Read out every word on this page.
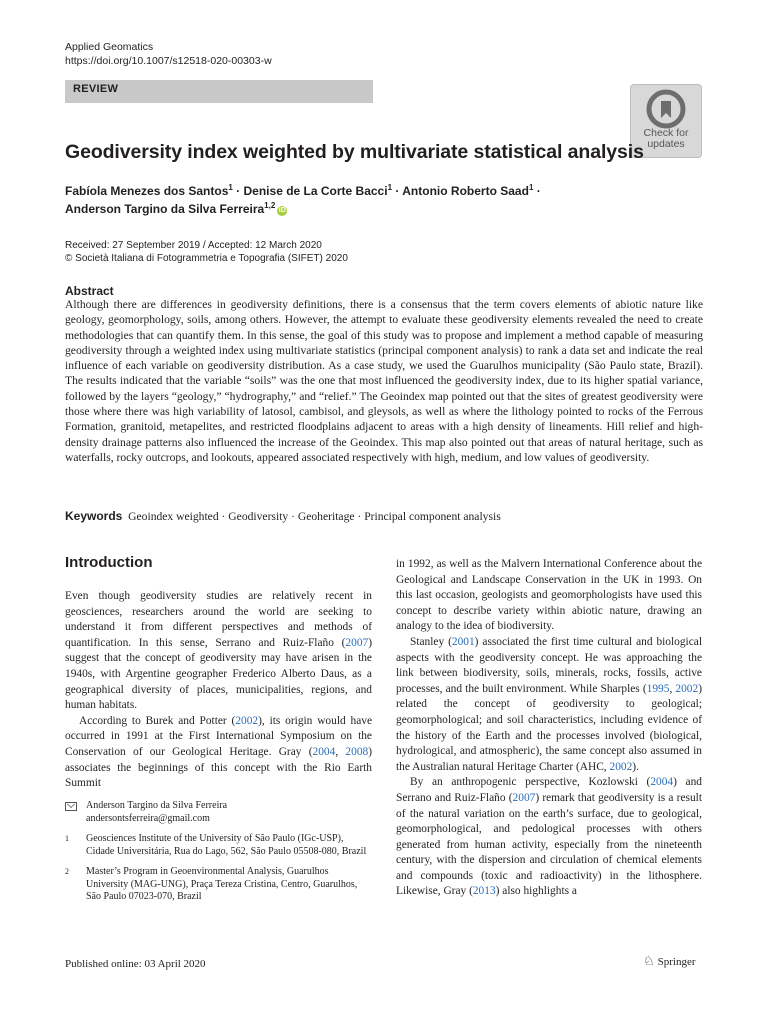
Applied Geomatics
https://doi.org/10.1007/s12518-020-00303-w
REVIEW
Check for
updates
Geodiversity index weighted by multivariate statistical analysis
Fabíola Menezes dos Santos$^1$ · Denise de La Corte Bacci$^1$ · Antonio Roberto Saad$^1$ ·
Anderson Targino da Silva Ferreira$^{1,2}$iD
Received: 27 September 2019 / Accepted: 12 March 2020
© Società Italiana di Fotogrammetria e Topografia (SIFET) 2020
Abstract
Although there are differences in geodiversity definitions, there is a consensus that the term covers elements of abiotic nature like geology, geomorphology, soils, among others. However, the attempt to evaluate these geodiversity elements revealed the need to create methodologies that can quantify them. In this sense, the goal of this study was to propose and implement a method capable of measuring geodiversity through a weighted index using multivariate statistics (principal component analysis) to rank a data set and indicate the real influence of each variable on geodiversity distribution. As a case study, we used the Guarulhos municipality (São Paulo state, Brazil). The results indicated that the variable “soils” was the one that most influenced the geodiversity index, due to its higher spatial variance, followed by the layers “geology,” “hydrography,” and “relief.” The Geoindex map pointed out that the sites of greatest geodiversity were those where there was high variability of latosol, cambisol, and gleysols, as well as where the lithology pointed to rocks of the Ferrous Formation, granitoid, metapelites, and restricted floodplains adjacent to areas with a high density of lineaments. Hill relief and high-density drainage patterns also influenced the increase of the Geoindex. This map also pointed out that areas of natural heritage, such as waterfalls, rocky outcrops, and lookouts, appeared associated respectively with high, medium, and low values of geodiversity.
Keywords Geoindex weighted · Geodiversity · Geoheritage · Principal component analysis
Introduction

Even though geodiversity studies are relatively recent in geosciences, researchers around the world are seeking to understand it from different perspectives and methods of quantification. In this sense, Serrano and Ruiz-Flaño (2007) suggest that the concept of geodiversity may have arisen in the 1940s, with Argentine geographer Frederico Alberto Daus, as a geographical diversity of places, municipalities, regions, and human habitats.

According to Burek and Potter (2002), its origin would have occurred in 1991 at the First International Symposium on the Conservation of our Geological Heritage. Gray (2004, 2008) associates the beginnings of this concept with the Rio Earth Summit

in 1992, as well as the Malvern International Conference about the Geological and Landscape Conservation in the UK in 1993. On this last occasion, geologists and geomorphologists have used this concept to describe variety within abiotic nature, drawing an analogy to the idea of biodiversity.

Stanley (2001) associated the first time cultural and biological aspects with the geodiversity concept. He was approaching the link between biodiversity, soils, minerals, rocks, fossils, active processes, and the built environment. While Sharples (1995, 2002) related the concept of geodiversity to geological; geomorphological; and soil characteristics, including evidence of the history of the Earth and the processes involved (biological, hydrological, and atmospheric), the same concept also assumed in the Australian natural Heritage Charter (AHC, 2002).

By an anthropogenic perspective, Kozlowski (2004) and Serrano and Ruiz-Flaño (2007) remark that geodiversity is a result of the natural variation on the earth’s surface, due to geological, geomorphological, and pedological processes with others generated from human activity, especially from the nineteenth century, with the dispersion and circulation of chemical elements and compounds (toxic and radioactivity) in the lithosphere. Likewise, Gray (2013) also highlights a

Anderson Targino da Silva Ferreira
andersontsferreira@gmail.com
1 Geosciences Institute of the University of São Paulo (IGc-USP), Cidade Universitária, Rua do Lago, 562, São Paulo 05508-080, Brazil
2 Master’s Program in Geoenvironmental Analysis, Guarulhos University (MAG-UNG), Praça Tereza Cristina, Centro, Guarulhos, São Paulo 07023-070, Brazil
Published online: 03 April 2020	♘ Springer
